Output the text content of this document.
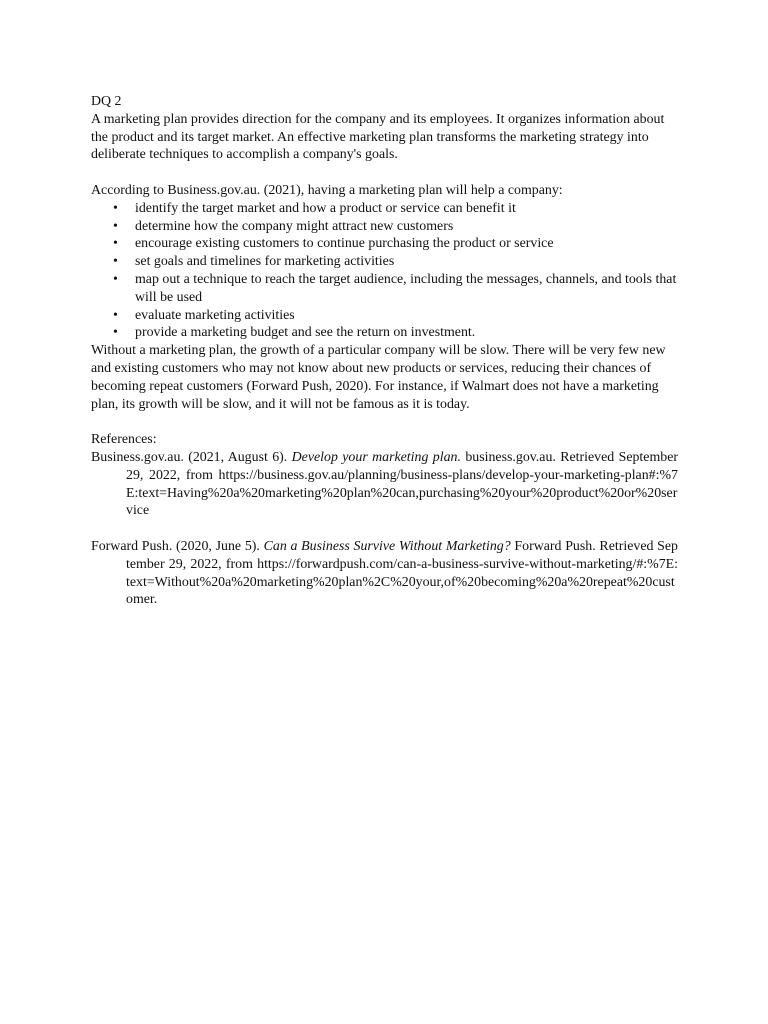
DQ 2

A marketing plan provides direction for the company and its employees. It organizes information about the product and its target market. An effective marketing plan transforms the marketing strategy into deliberate techniques to accomplish a company's goals.

According to Business.gov.au. (2021), having a marketing plan will help a company:

• identify the target market and how a product or service can benefit it
• determine how the company might attract new customers
• encourage existing customers to continue purchasing the product or service
• set goals and timelines for marketing activities
• map out a technique to reach the target audience, including the messages, channels, and tools that will be used
• evaluate marketing activities
• provide a marketing budget and see the return on investment.

Without a marketing plan, the growth of a particular company will be slow. There will be very few new and existing customers who may not know about new products or services, reducing their chances of becoming repeat customers (Forward Push, 2020). For instance, if Walmart does not have a marketing plan, its growth will be slow, and it will not be famous as it is today.

References:

Business.gov.au. (2021, August 6). Develop your marketing plan. business.gov.au. Retrieved September 29, 2022, from https://business.gov.au/planning/business-plans/develop-your-marketing-plan#:%7E:text=Having%20a%20marketing%20plan%20can,purchasing%20your%20product%20or%20service

Forward Push. (2020, June 5). Can a Business Survive Without Marketing? Forward Push. Retrieved September 29, 2022, from https://forwardpush.com/can-a-business-survive-without-marketing/#:%7E:text=Without%20a%20marketing%20plan%2C%20your,of%20becoming%20a%20repeat%20customer.
